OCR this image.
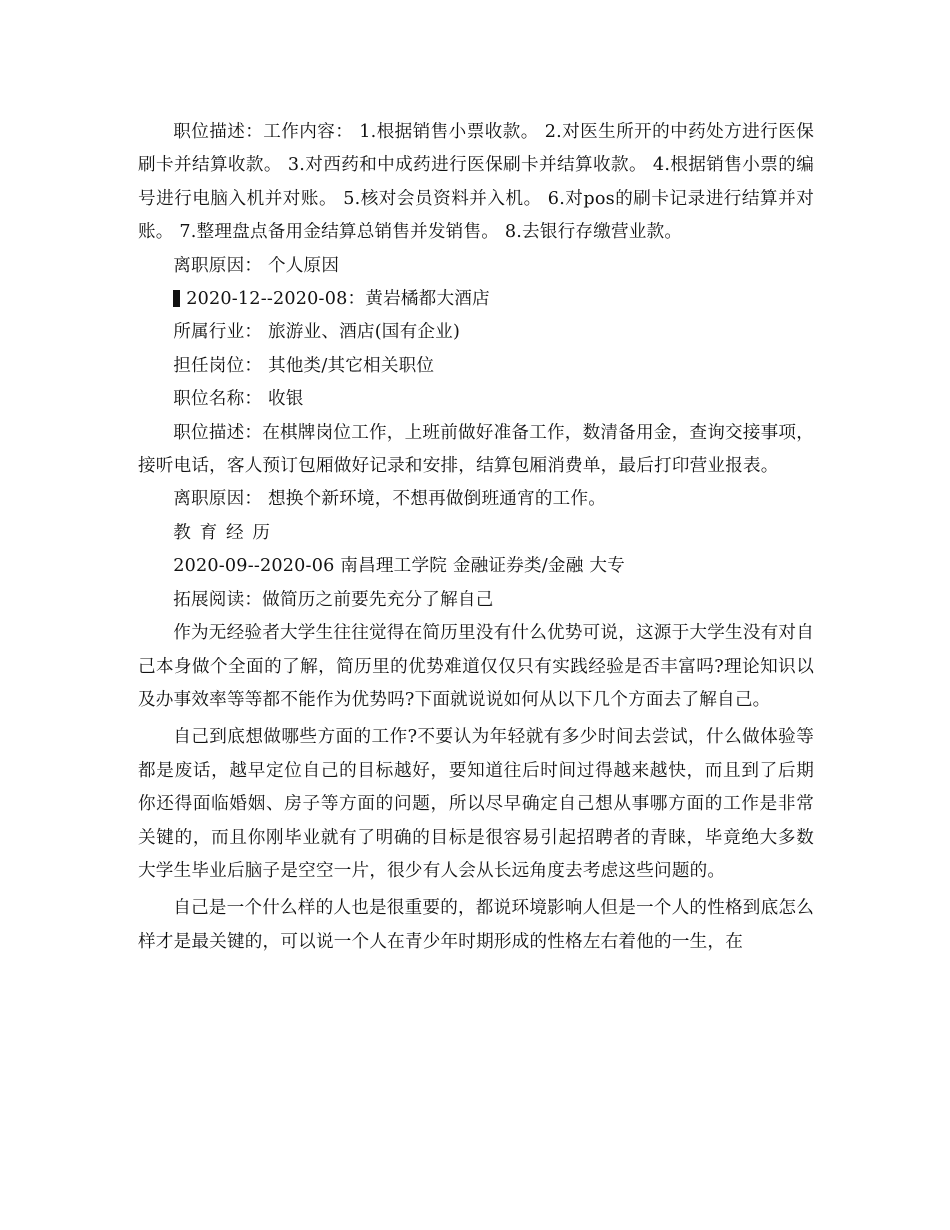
职位描述：工作内容： 1.根据销售小票收款。 2.对医生所开的中药处方进行医保刷卡并结算收款。 3.对西药和中成药进行医保刷卡并结算收款。 4.根据销售小票的编号进行电脑入机并对账。 5.核对会员资料并入机。 6.对pos的刷卡记录进行结算并对账。 7.整理盘点备用金结算总销售并发销售。 8.去银行存缴营业款。

离职原因： 个人原因

2020-12--2020-08：黄岩橘都大酒店

所属行业： 旅游业、酒店(国有企业)

担任岗位： 其他类/其它相关职位

职位名称： 收银

职位描述：在棋牌岗位工作，上班前做好准备工作，数清备用金，查询交接事项，接听电话，客人预订包厢做好记录和安排，结算包厢消费单，最后打印营业报表。

离职原因： 想换个新环境，不想再做倒班通宵的工作。

教育经历

2020-09--2020-06 南昌理工学院 金融证券类/金融 大专

拓展阅读：做简历之前要先充分了解自己

作为无经验者大学生往往觉得在简历里没有什么优势可说，这源于大学生没有对自己本身做个全面的了解，简历里的优势难道仅仅只有实践经验是否丰富吗?理论知识以及办事效率等等都不能作为优势吗?下面就说说如何从以下几个方面去了解自己。

自己到底想做哪些方面的工作?不要认为年轻就有多少时间去尝试，什么做体验等都是废话，越早定位自己的目标越好，要知道往后时间过得越来越快，而且到了后期你还得面临婚姻、房子等方面的问题，所以尽早确定自己想从事哪方面的工作是非常关键的，而且你刚毕业就有了明确的目标是很容易引起招聘者的青睐，毕竟绝大多数大学生毕业后脑子是空空一片，很少有人会从长远角度去考虑这些问题的。

自己是一个什么样的人也是很重要的，都说环境影响人但是一个人的性格到底怎么样才是最关键的，可以说一个人在青少年时期形成的性格左右着他的一生，在
